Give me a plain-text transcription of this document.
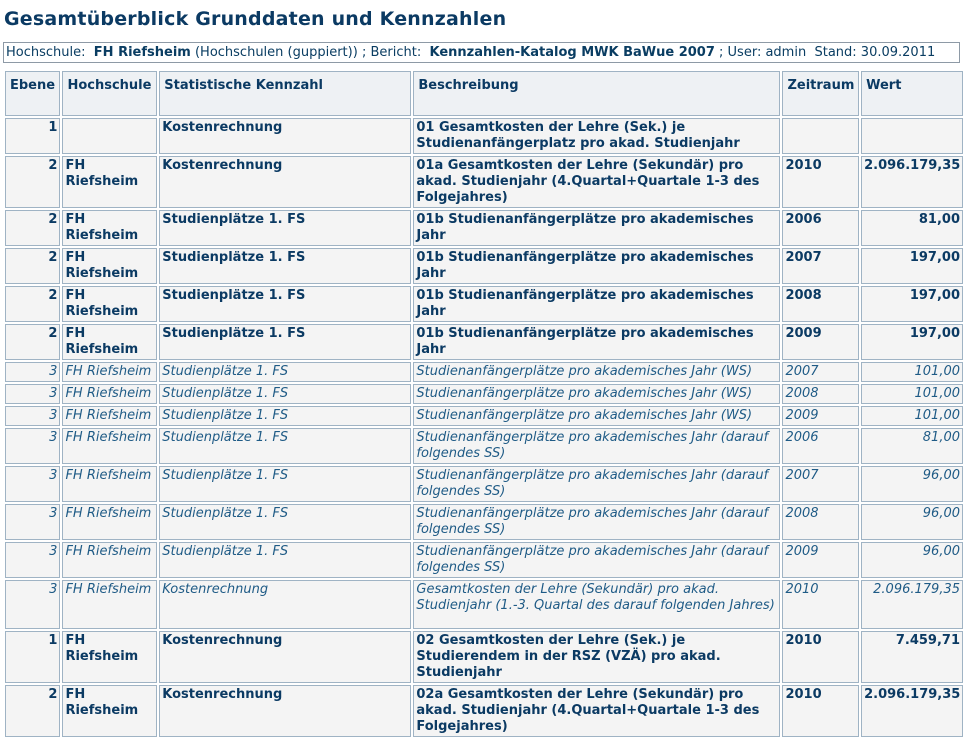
Gesamtüberblick Grunddaten und Kennzahlen
Hochschule: FH Riefsheim (Hochschulen (guppiert)) ; Bericht: Kennzahlen-Katalog MWK BaWue 2007 ; User: admin Stand: 30.09.2011
Ebene	Hochschule	Statistische Kennzahl	Beschreibung	Zeitraum	Wert
1		Kostenrechnung	01 Gesamtkosten der Lehre (Sek.) je Studienanfängerplatz pro akad. Studienjahr		
2	FH Riefsheim	Kostenrechnung	01a Gesamtkosten der Lehre (Sekundär) pro akad. Studienjahr (4.Quartal+Quartale 1-3 des Folgejahres)	2010	2.096.179,35
2	FH Riefsheim	Studienplätze 1. FS	01b Studienanfängerplätze pro akademisches Jahr	2006	81,00
2	FH Riefsheim	Studienplätze 1. FS	01b Studienanfängerplätze pro akademisches Jahr	2007	197,00
2	FH Riefsheim	Studienplätze 1. FS	01b Studienanfängerplätze pro akademisches Jahr	2008	197,00
2	FH Riefsheim	Studienplätze 1. FS	01b Studienanfängerplätze pro akademisches Jahr	2009	197,00
3	FH Riefsheim	Studienplätze 1. FS	Studienanfängerplätze pro akademisches Jahr (WS)	2007	101,00
3	FH Riefsheim	Studienplätze 1. FS	Studienanfängerplätze pro akademisches Jahr (WS)	2008	101,00
3	FH Riefsheim	Studienplätze 1. FS	Studienanfängerplätze pro akademisches Jahr (WS)	2009	101,00
3	FH Riefsheim	Studienplätze 1. FS	Studienanfängerplätze pro akademisches Jahr (darauf folgendes SS)	2006	81,00
3	FH Riefsheim	Studienplätze 1. FS	Studienanfängerplätze pro akademisches Jahr (darauf folgendes SS)	2007	96,00
3	FH Riefsheim	Studienplätze 1. FS	Studienanfängerplätze pro akademisches Jahr (darauf folgendes SS)	2008	96,00
3	FH Riefsheim	Studienplätze 1. FS	Studienanfängerplätze pro akademisches Jahr (darauf folgendes SS)	2009	96,00
3	FH Riefsheim	Kostenrechnung	Gesamtkosten der Lehre (Sekundär) pro akad. Studienjahr (1.-3. Quartal des darauf folgenden Jahres)	2010	2.096.179,35
1	FH Riefsheim	Kostenrechnung	02 Gesamtkosten der Lehre (Sek.) je Studierendem in der RSZ (VZÄ) pro akad. Studienjahr	2010	7.459,71
2	FH Riefsheim	Kostenrechnung	02a Gesamtkosten der Lehre (Sekundär) pro akad. Studienjahr (4.Quartal+Quartale 1-3 des Folgejahres)	2010	2.096.179,35
